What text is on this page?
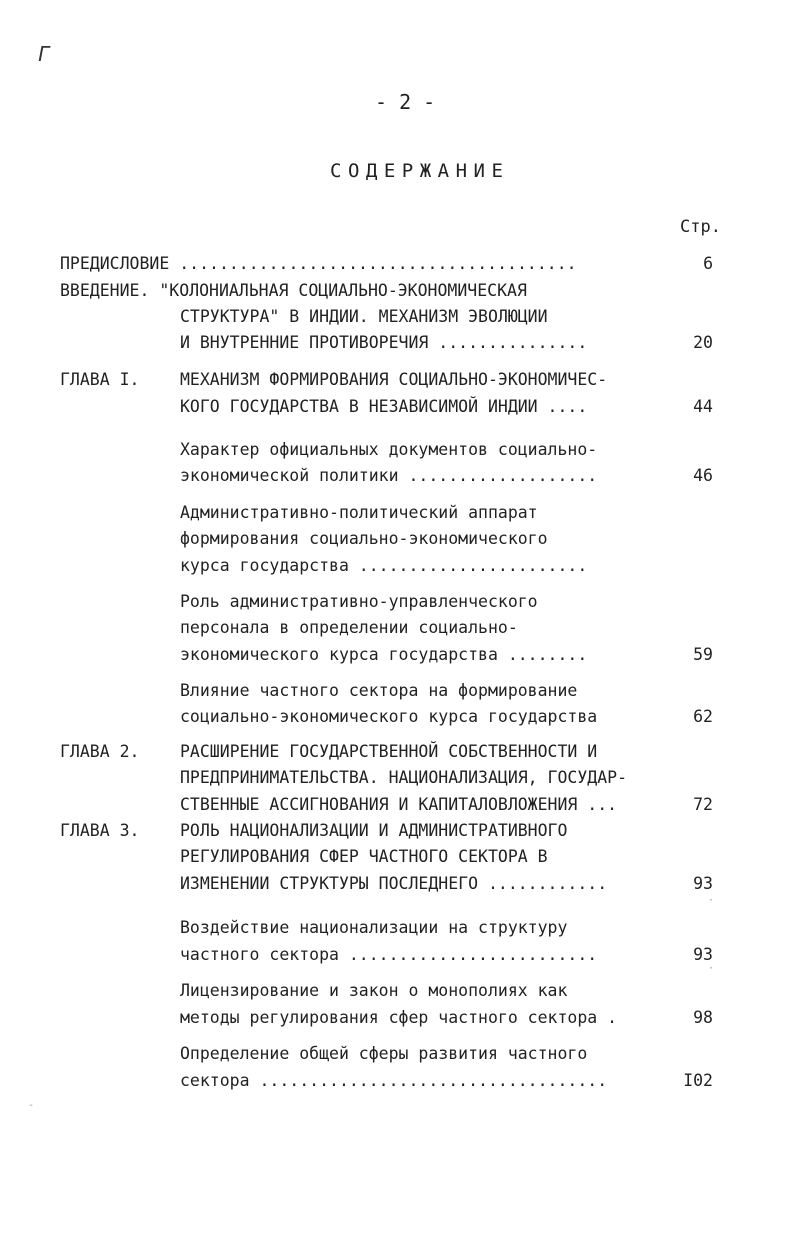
Г
- 2 -
СОДЕРЖАНИЕ
Стр.
ПРЕДИСЛОВИЕ ........................................	6
ВВЕДЕНИЕ. "КОЛОНИАЛЬНАЯ СОЦИАЛЬНО-ЭКОНОМИЧЕСКАЯ
СТРУКТУРА" В ИНДИИ. МЕХАНИЗМ ЭВОЛЮЦИИ
И ВНУТРЕННИЕ ПРОТИВОРЕЧИЯ ...............	20
ГЛАВА I. МЕХАНИЗМ ФОРМИРОВАНИЯ СОЦИАЛЬНО-ЭКОНОМИЧЕС-
КОГО ГОСУДАРСТВА В НЕЗАВИСИМОЙ ИНДИИ ....	44
Характер официальных документов социально-
экономической политики ...................	46
Административно-политический аппарат
формирования социально-экономического
курса государства .......................
Роль административно-управленческого
персонала в определении социально-
экономического курса государства ........	59
Влияние частного сектора на формирование
социально-экономического курса государства	62
ГЛАВА 2. РАСШИРЕНИЕ ГОСУДАРСТВЕННОЙ СОБСТВЕННОСТИ И
ПРЕДПРИНИМАТЕЛЬСТВА. НАЦИОНАЛИЗАЦИЯ, ГОСУДАР-
СТВЕННЫЕ АССИГНОВАНИЯ И КАПИТАЛОВЛОЖЕНИЯ ...	72
ГЛАВА 3. РОЛЬ НАЦИОНАЛИЗАЦИИ И АДМИНИСТРАТИВНОГО
РЕГУЛИРОВАНИЯ СФЕР ЧАСТНОГО СЕКТОРА В
ИЗМЕНЕНИИ СТРУКТУРЫ ПОСЛЕДНЕГО ............	93
Воздействие национализации на структуру
частного сектора .........................	93
Лицензирование и закон о монополиях как
методы регулирования сфер частного сектора .	98
Определение общей сферы развития частного
сектора ...................................	I02
·
·
‐
